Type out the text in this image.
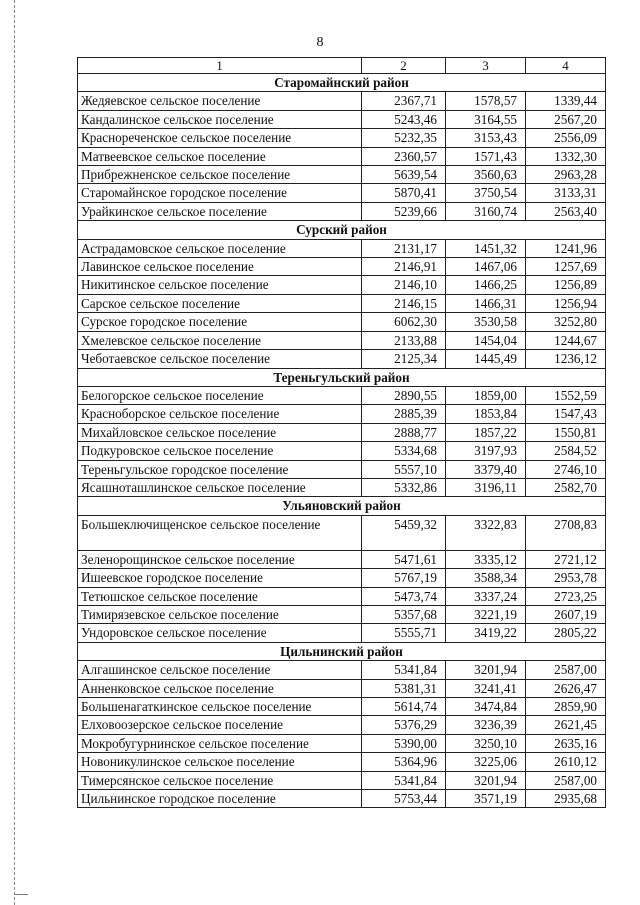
8
1	2	3	4
Старомайнский район			
Жедяевское сельское поселение	2367,71	1578,57	1339,44
Кандалинское сельское поселение	5243,46	3164,55	2567,20
Краснореченское сельское поселение	5232,35	3153,43	2556,09
Матвеевское сельское поселение	2360,57	1571,43	1332,30
Прибрежненское сельское поселение	5639,54	3560,63	2963,28
Старомайнское городское поселение	5870,41	3750,54	3133,31
Урайкинское сельское поселение	5239,66	3160,74	2563,40
Сурский район			
Астрадамовское сельское поселение	2131,17	1451,32	1241,96
Лавинское сельское поселение	2146,91	1467,06	1257,69
Никитинское сельское поселение	2146,10	1466,25	1256,89
Сарское сельское поселение	2146,15	1466,31	1256,94
Сурское городское поселение	6062,30	3530,58	3252,80
Хмелевское сельское поселение	2133,88	1454,04	1244,67
Чеботаевское сельское поселение	2125,34	1445,49	1236,12
Тереньгульский район			
Белогорское сельское поселение	2890,55	1859,00	1552,59
Красноборское сельское поселение	2885,39	1853,84	1547,43
Михайловское сельское поселение	2888,77	1857,22	1550,81
Подкуровское сельское поселение	5334,68	3197,93	2584,52
Тереньгульское городское поселение	5557,10	3379,40	2746,10
Ясашноташлинское сельское поселение	5332,86	3196,11	2582,70
Ульяновский район			
Большеключищенское сельское поселение	5459,32	3322,83	2708,83
Зеленорощинское сельское поселение	5471,61	3335,12	2721,12
Ишеевское городское поселение	5767,19	3588,34	2953,78
Тетюшское сельское поселение	5473,74	3337,24	2723,25
Тимирязевское сельское поселение	5357,68	3221,19	2607,19
Ундоровское сельское поселение	5555,71	3419,22	2805,22
Цильнинский район			
Алгашинское сельское поселение	5341,84	3201,94	2587,00
Анненковское сельское поселение	5381,31	3241,41	2626,47
Большенагаткинское сельское поселение	5614,74	3474,84	2859,90
Елховоозерское сельское поселение	5376,29	3236,39	2621,45
Мокробугурнинское сельское поселение	5390,00	3250,10	2635,16
Новоникулинское сельское поселение	5364,96	3225,06	2610,12
Тимерсянское сельское поселение	5341,84	3201,94	2587,00
Цильнинское городское поселение	5753,44	3571,19	2935,68
